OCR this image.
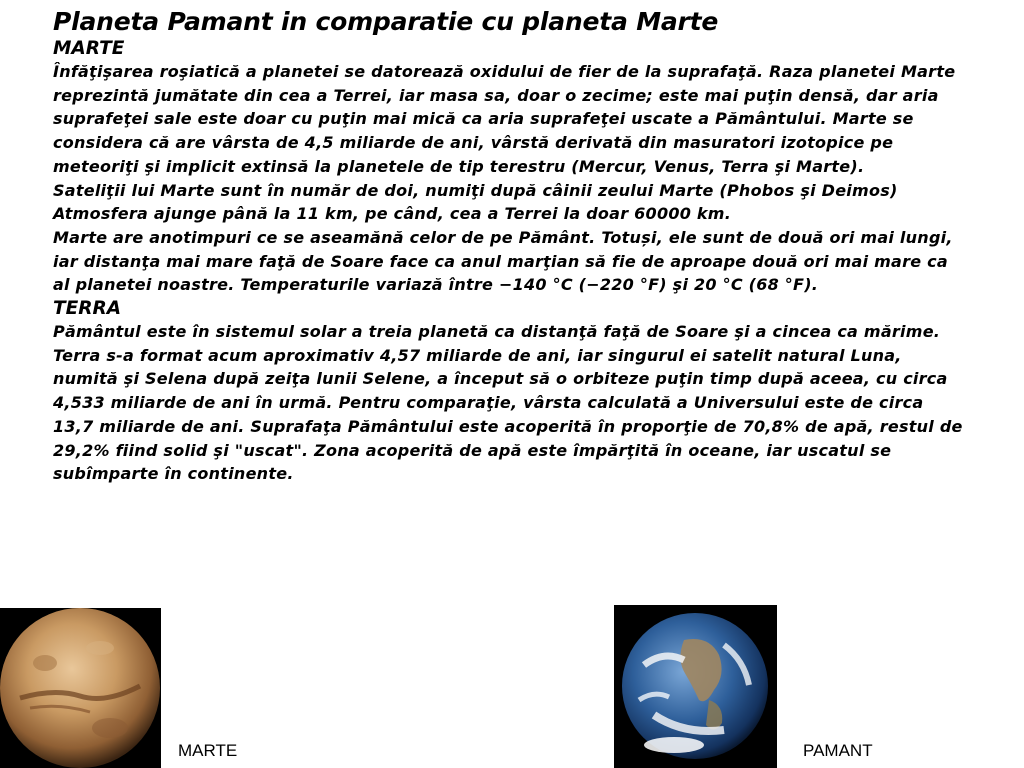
Planeta Pamant in comparatie cu planeta Marte

MARTE

Înfăţişarea roşiatică a planetei se datorează oxidului de fier de la suprafaţă. Raza planetei Marte reprezintă jumătate din cea a Terrei, iar masa sa, doar o zecime; este mai puţin densă, dar aria suprafeţei sale este doar cu puţin mai mică ca aria suprafeţei uscate a Pământului. Marte se considera că are vârsta de 4,5 miliarde de ani, vârstă derivată din masuratori izotopice pe meteoriţi şi implicit extinsă la planetele de tip terestru (Mercur, Venus, Terra şi Marte).

Sateliţii lui Marte sunt în număr de doi, numiţi după câinii zeului Marte (Phobos şi Deimos)

Atmosfera ajunge până la 11 km, pe când, cea a Terrei la doar 60000 km.

Marte are anotimpuri ce se aseamănă celor de pe Pământ. Totuși, ele sunt de două ori mai lungi, iar distanţa mai mare faţă de Soare face ca anul marţian să fie de aproape două ori mai mare ca al planetei noastre. Temperaturile variază între −140 °C (−220 °F) şi 20 °C (68 °F).

TERRA

Pământul este în sistemul solar a treia planetă ca distanţă faţă de Soare şi a cincea ca mărime.

Terra s-a format acum aproximativ 4,57 miliarde de ani, iar singurul ei satelit natural Luna, numită şi Selena după zeiţa lunii Selene, a început să o orbiteze puţin timp după aceea, cu circa 4,533 miliarde de ani în urmă. Pentru comparaţie, vârsta calculată a Universului este de circa 13,7 miliarde de ani. Suprafaţa Pământului este acoperită în proporţie de 70,8% de apă, restul de 29,2% fiind solid şi "uscat". Zona acoperită de apă este împărţită în oceane, iar uscatul se subîmparte în continente.

MARTE	PAMANT
